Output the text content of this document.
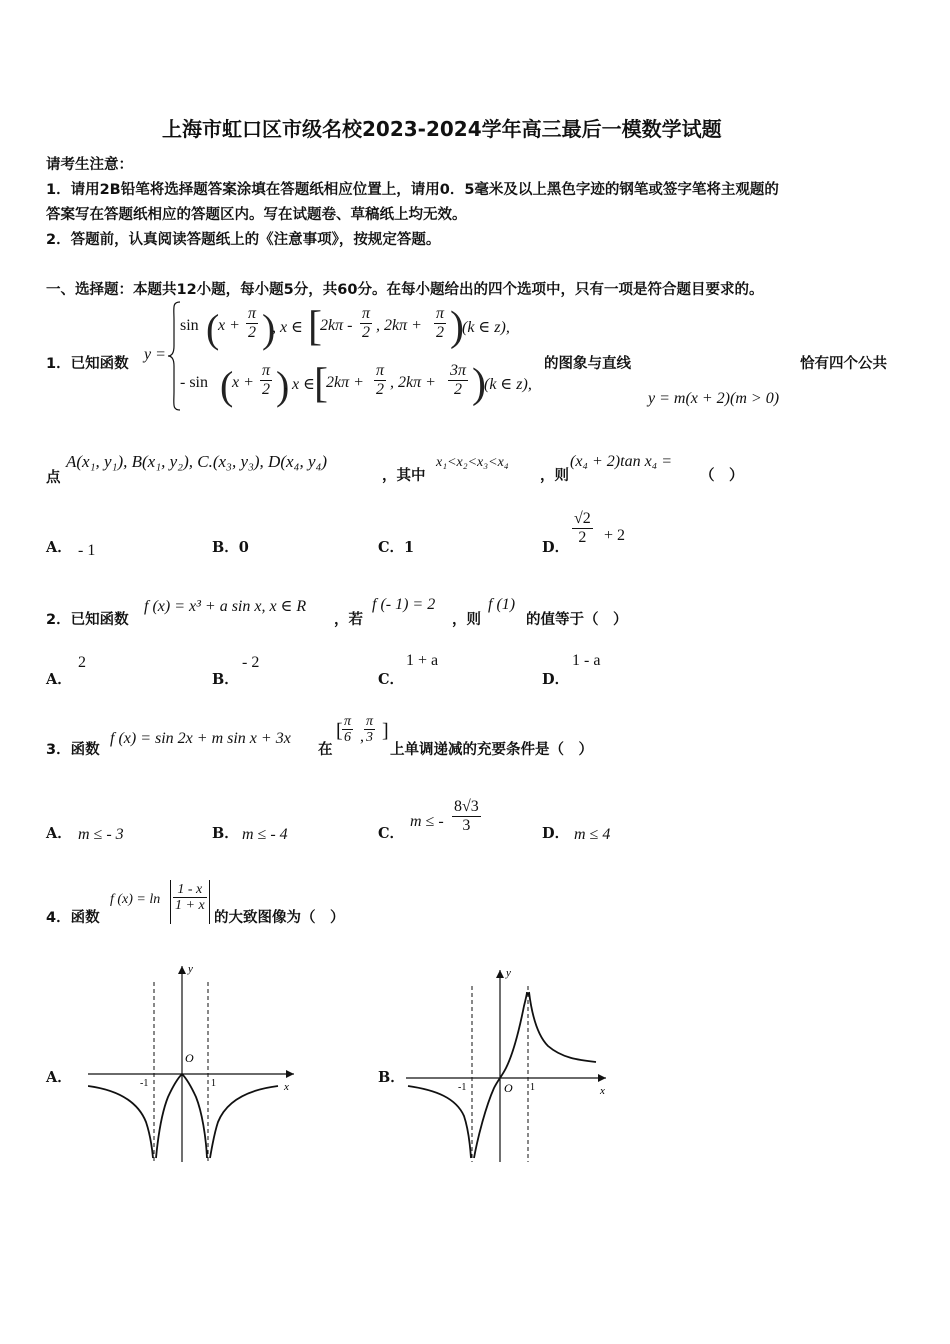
上海市虹口区市级名校2023-2024学年高三最后一模数学试题
请考生注意：
1．请用2B铅笔将选择题答案涂填在答题纸相应位置上，请用0．5毫米及以上黑色字迹的钢笔或签字笔将主观题的
答案写在答题纸相应的答题区内。写在试题卷、草稿纸上均无效。
2．答题前，认真阅读答题纸上的《注意事项》，按规定答题。
一、选择题：本题共12小题，每小题5分，共60分。在每小题给出的四个选项中，只有一项是符合题目要求的。
1．已知函数
y =
sin (
$x + \frac{\pi}{2}$ )
, x ∈ [
$2k\pi - \frac{\pi}{2}$ , $2k\pi + \frac{\pi}{2}$ )
(k ∈ z),
- sin (
$x + \frac{\pi}{2}$ )
, x ∈ [
$2k\pi + \frac{\pi}{2}$ , $2k\pi + \frac{3\pi}{2}$ )
(k ∈ z),
的图象与直线	恰有四个公共
y = m(x + 2)(m > 0)
点
A(x₁, y₁), B(x₁, y₂), C.(x₃, y₃), D(x₄, y₄)
，其中
x₁<x₂<x₃<x₄
，则
(x₄ + 2)tan x₄ =
（　）
A． - 1	B．0	C．1	D．
$\frac{√2}{2} + 2$
2．已知函数
f (x) = x³ + a sin x, x ∈ R
，若
f (- 1) = 2
，则
f (1)
的值等于（　）
A．
2
B．
- 2
C．
1 + a
D．
1 - a
3．函数
f (x) = sin 2x + m sin x + 3x
在
[ $\frac{\pi}{6}$ , $\frac{\pi}{3}$ ]
上单调递减的充要条件是（　）
A． m ≤ - 3	B． m ≤ - 4	C．
m ≤ - $\frac{8√3}{3}$	D． m ≤ 4
4．函数
f $(x) = \ln \frac{1 - x}{1 + x}$
的大致图像为（　）
A．
O
y
x
-1	1	B．
O
y
x
-1	1
